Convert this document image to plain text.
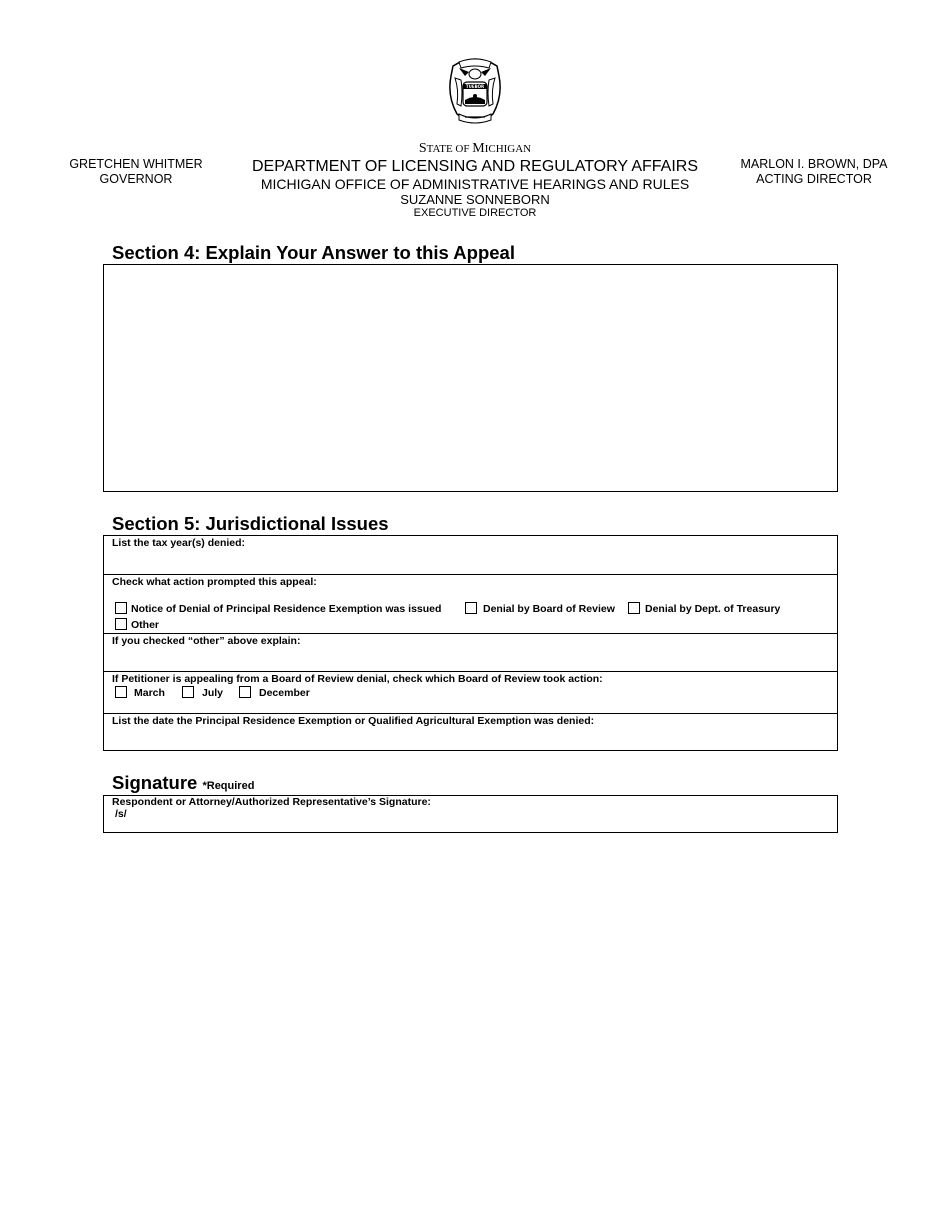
TUEBOR
GRETCHEN WHITMER
GOVERNOR
STATE OF MICHIGAN
DEPARTMENT OF LICENSING AND REGULATORY AFFAIRS
MICHIGAN OFFICE OF ADMINISTRATIVE HEARINGS AND RULES
SUZANNE SONNEBORN
EXECUTIVE DIRECTOR
MARLON I. BROWN, DPA
ACTING DIRECTOR
Section 4: Explain Your Answer to this Appeal
Section 5: Jurisdictional Issues
List the tax year(s) denied:
Check what action prompted this appeal:
Notice of Denial of Principal Residence Exemption was issued	Denial by Board of Review	Denial by Dept. of Treasury
Other
If you checked “other” above explain:
If Petitioner is appealing from a Board of Review denial, check which Board of Review took action:
March	July	December
List the date the Principal Residence Exemption or Qualified Agricultural Exemption was denied:
Signature *Required
Respondent or Attorney/Authorized Representative’s Signature:
/s/
